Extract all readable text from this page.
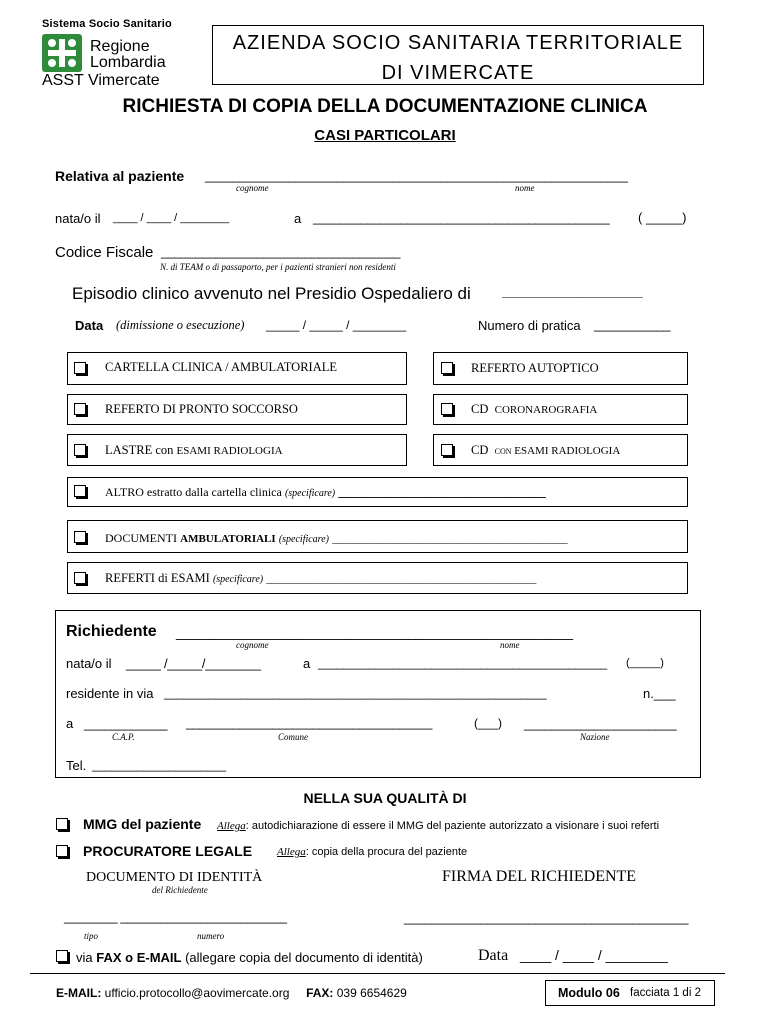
Sistema Socio Sanitario
Regione
Lombardia
ASST Vimercate
AZIENDA SOCIO SANITARIA TERRITORIALE
DI VIMERCATE
RICHIESTA DI COPIA DELLA DOCUMENTAZIONE CLINICA
CASI PARTICOLARI
Relativa al paziente _____________________________________________________________
cognome	nome
nata/o il ____ / ____ / ________	a ____________________________________________ ( _____)
Codice Fiscale ___________________________________
N. di TEAM o di passaporto, per i pazienti stranieri non residenti
Episodio clinico avvenuto nel Presidio Ospedaliero di ___________________
Data (dimissione o esecuzione) _____ / _____ / ________	Numero di pratica ___________
CARTELLA CLINICA / AMBULATORIALE	REFERTO AUTOPTICO
REFERTO DI PRONTO SOCCORSO	CD CORONAROGRAFIA
LASTRE con ESAMI RADIOLOGIA	CD con ESAMI RADIOLOGIA
ALTRO estratto dalla cartella clinica (specificare) ____________________________________
DOCUMENTI AMBULATORIALI (specificare) _______________________________________________
REFERTI di ESAMI (specificare) _______________________________________________________
Richiedente _____________________________________________________
cognome	nome
nata/o il _____ /_____/________	a ______________________________________________ (_____)
residente in via ____________________________________________________________	n.___
a ____________ _____________________________________	(___) ______________________
C.A.P.	Comune	Nazione
Tel. _____________________
NELLA SUA QUALITÀ DI
MMG del paziente Allega: autodichiarazione di essere il MMG del paziente autorizzato a visionare i suoi referti
PROCURATORE LEGALE Allega: copia della procura del paziente
DOCUMENTO DI IDENTITÀ
del Richiedente
FIRMA DEL RICHIEDENTE
________ _________________________	_________________________________________
tipo	numero
via FAX o E-MAIL (allegare copia del documento di identità)	Data ____ / ____ / ________
E-MAIL: ufficio.protocollo@aovimercate.org FAX: 039 6654629	Modulo 06 facciata 1 di 2
